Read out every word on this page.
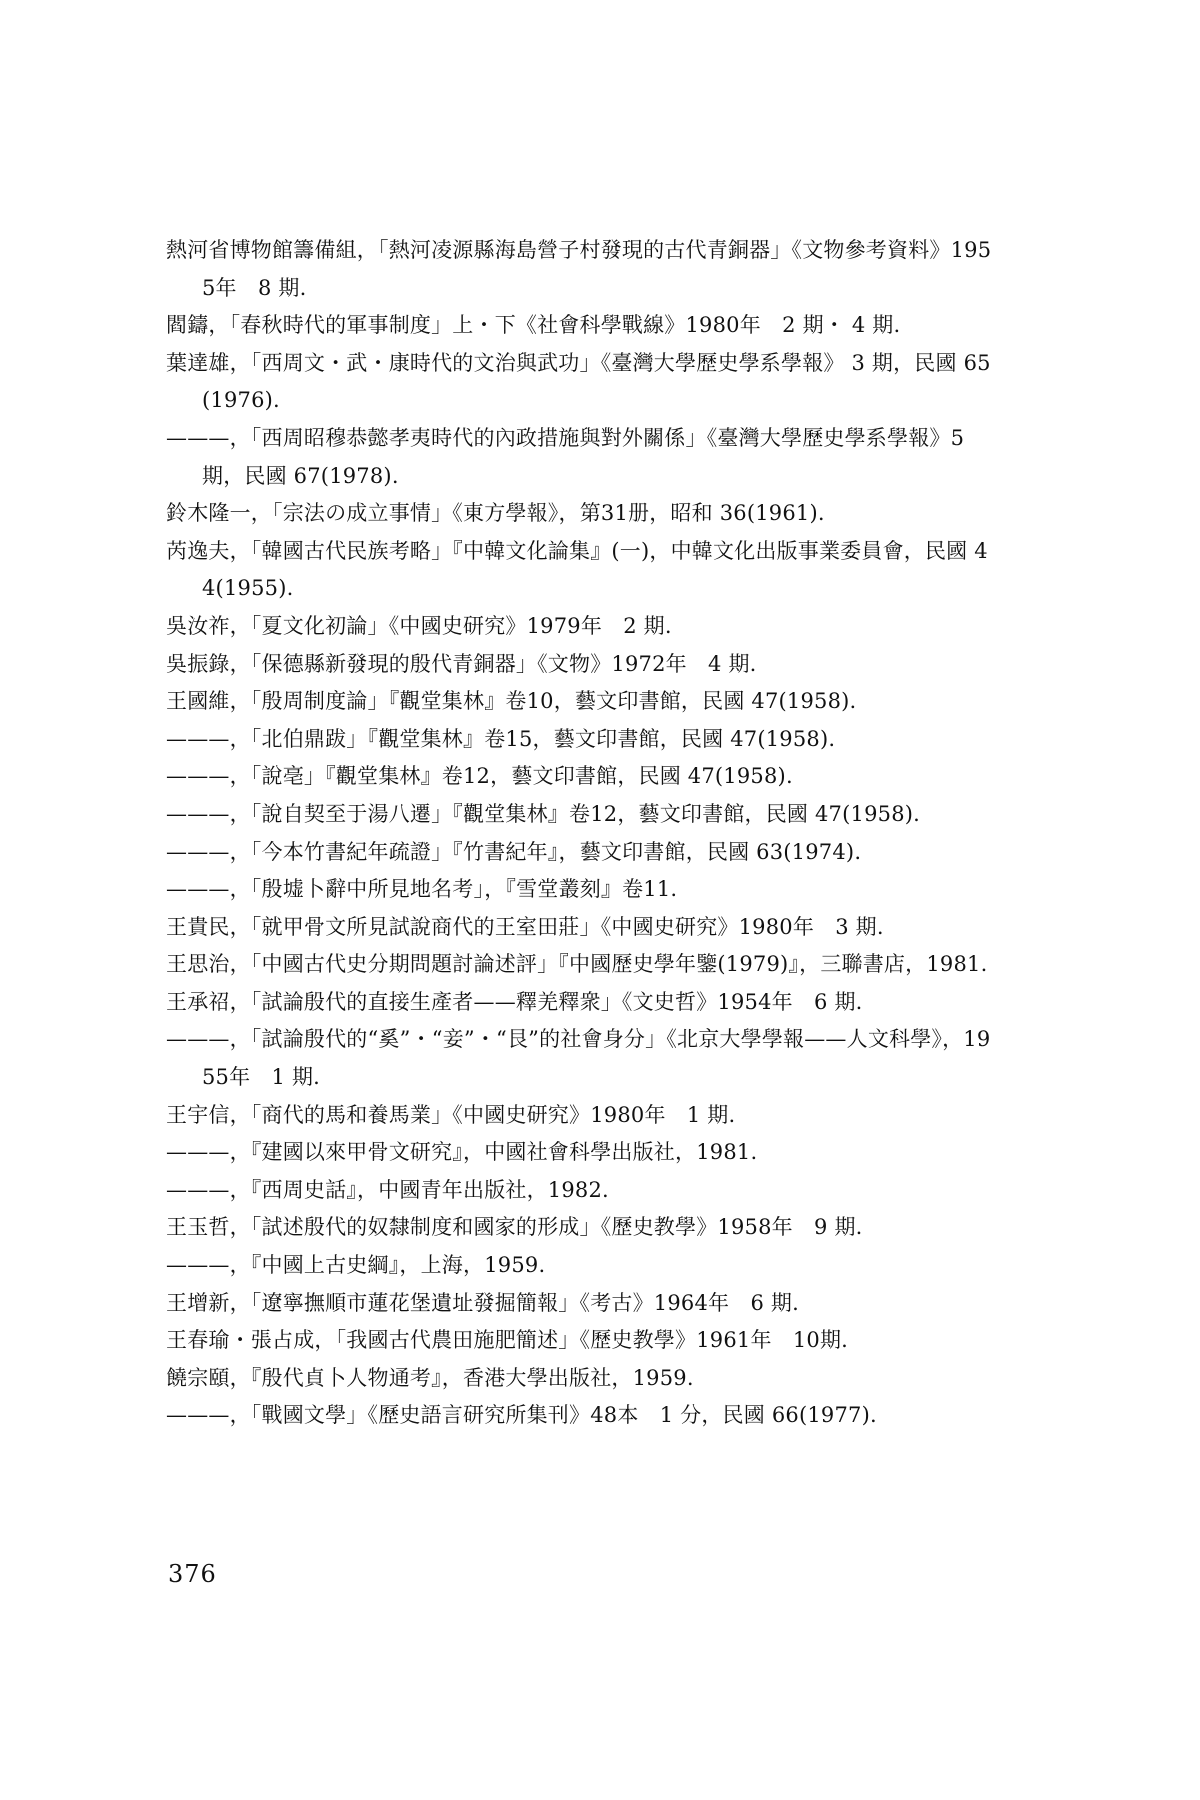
熱河省博物館籌備組，「熱河凌源縣海島營子村發現的古代青銅器」《文物參考資料》1955年　8 期.
閻鑄，「春秋時代的軍事制度」上・下《社會科學戰線》1980年　2 期・ 4 期.
葉達雄，「西周文・武・康時代的文治與武功」《臺灣大學歷史學系學報》 3 期，民國 65(1976).
———，「西周昭穆恭懿孝夷時代的內政措施與對外關係」《臺灣大學歷史學系學報》5 期，民國 67(1978).
鈴木隆一，「宗法の成立事情」《東方學報》，第31册，昭和 36(1961).
芮逸夫，「韓國古代民族考略」『中韓文化論集』(一)，中韓文化出版事業委員會，民國 44(1955).
吳汝祚，「夏文化初論」《中國史研究》1979年　2 期.
吳振錄，「保德縣新發現的殷代青銅器」《文物》1972年　4 期.
王國維，「殷周制度論」『觀堂集林』卷10，藝文印書館，民國 47(1958).
———，「北伯鼎跋」『觀堂集林』卷15，藝文印書館，民國 47(1958).
———，「說亳」『觀堂集林』卷12，藝文印書館，民國 47(1958).
———，「說自契至于湯八遷」『觀堂集林』卷12，藝文印書館，民國 47(1958).
———，「今本竹書紀年疏證」『竹書紀年』，藝文印書館，民國 63(1974).
———，「殷墟卜辭中所見地名考」，『雪堂叢刻』卷11.
王貴民，「就甲骨文所見試說商代的王室田莊」《中國史研究》1980年　3 期.
王思治，「中國古代史分期問題討論述評」『中國歷史學年鑒(1979)』，三聯書店，1981.
王承祒，「試論殷代的直接生產者——釋羌釋衆」《文史哲》1954年　6 期.
———，「試論殷代的“奚”・“妾”・“艮”的社會身分」《北京大學學報——人文科學》，1955年　1 期.
王宇信，「商代的馬和養馬業」《中國史研究》1980年　1 期.
———，『建國以來甲骨文研究』，中國社會科學出版社，1981.
———，『西周史話』，中國青年出版社，1982.
王玉哲，「試述殷代的奴隸制度和國家的形成」《歷史教學》1958年　9 期.
———，『中國上古史綱』，上海，1959.
王增新，「遼寧撫順市蓮花堡遺址發掘簡報」《考古》1964年　6 期.
王春瑜・張占成，「我國古代農田施肥簡述」《歷史教學》1961年　10期.
饒宗頤，『殷代貞卜人物通考』，香港大學出版社，1959.
———，「戰國文學」《歷史語言研究所集刊》48本　1 分，民國 66(1977).
376
